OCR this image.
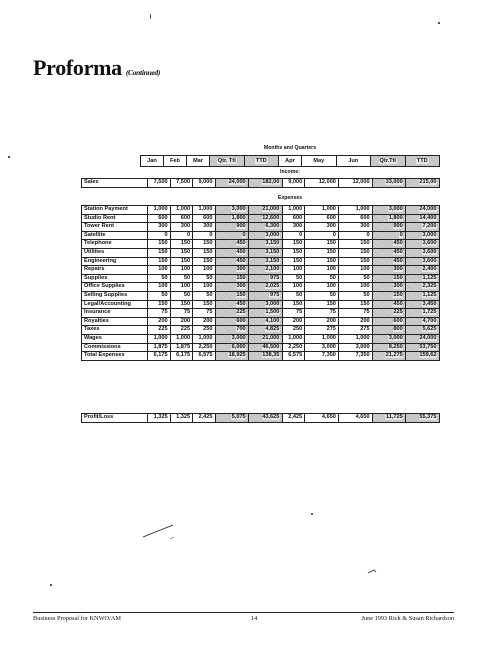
Proforma (Continued)
Months and Quarters
Jan	Feb	Mar	Qtr. Ttl	TTD	Apr	May	Jun	Qtr.Ttl	TTD
Income:
Sales	7,500	7,500	9,000	24,000	182,00	9,000	12,000	12,000	33,000	215,00
Expenses
Station Payment	1,000	1,000	1,000	3,000	21,000	1,000	1,000	1,000	3,000	24,000
Studio Rent	600	600	600	1,800	12,600	600	600	600	1,800	14,400
Tower Rent	300	300	300	900	6,300	300	300	300	900	7,200
Satellite	0	0	0	0	3,000	0	0	0	0	3,000
Telephone	150	150	150	450	3,150	150	150	150	450	3,600
Utilities	150	150	150	450	3,150	150	150	150	450	3,600
Engineering	150	150	150	450	3,150	150	150	150	450	3,600
Repairs	100	100	100	300	2,100	100	100	100	300	2,400
Supplies	50	50	50	150	975	50	50	50	150	1,125
Office Supplies	100	100	100	300	2,025	100	100	100	300	2,325
Selling Supplies	50	50	50	150	975	50	50	50	150	1,125
Legal/Accounting	150	150	150	450	3,000	150	150	150	450	3,450
Insurance	75	75	75	225	1,500	75	75	75	225	1,725
Royalties	200	200	200	600	4,100	200	200	200	600	4,700
Taxes	225	225	250	700	4,825	250	275	275	800	5,625
Wages	1,000	1,000	1,000	3,000	21,000	1,000	1,000	1,000	3,000	24,000
Commissions	1,875	1,875	2,250	6,000	46,500	2,250	3,000	3,000	8,250	53,750
Total Expenses	6,175	6,175	6,575	18,925	138,35	6,575	7,350	7,350	21,275	159,62
Profit/Loss	1,325	1,325	2,425	5,075	43,625	2,425	4,650	4,650	11,725	55,375
Business Proposal for KNWO/AM	14	June 1993 Rick & Susan Richardson
